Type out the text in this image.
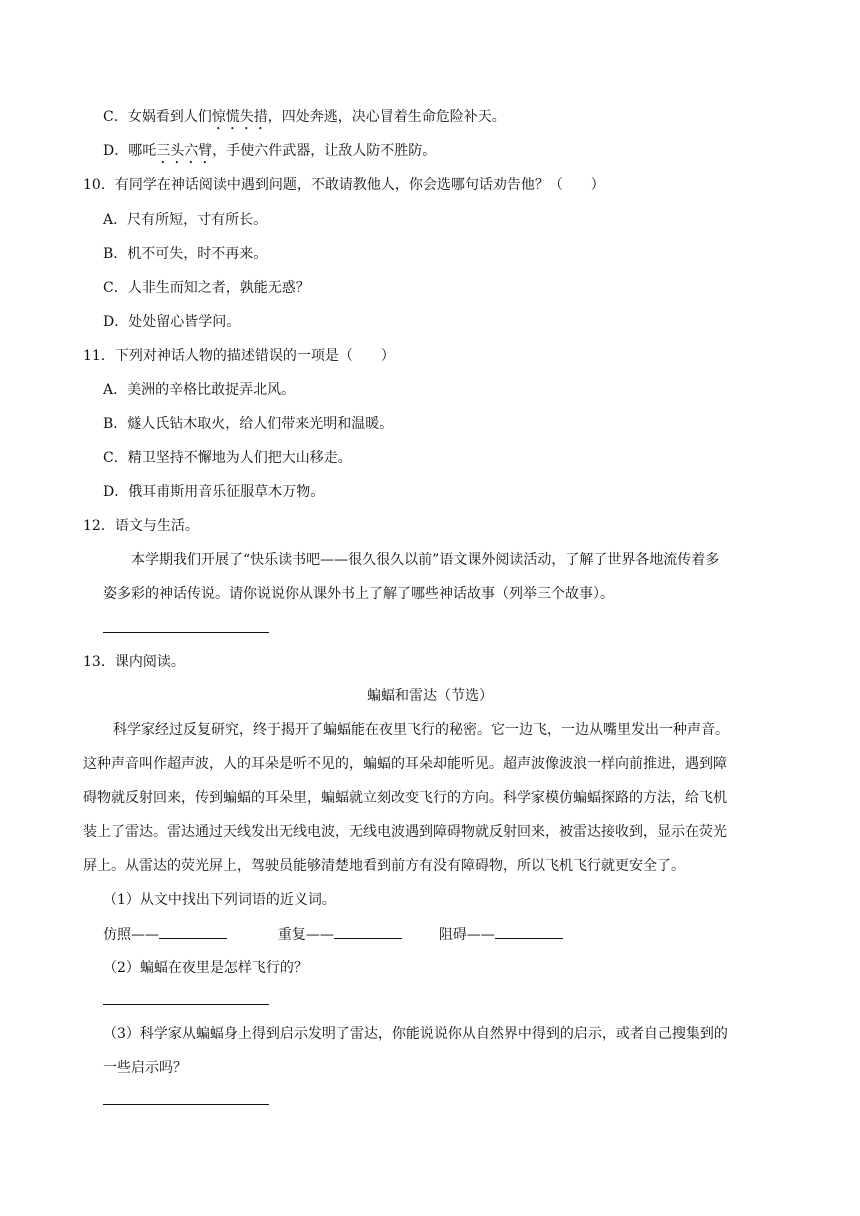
C．女娲看到人们惊慌失措，四处奔逃，决心冒着生命危险补天。
D．哪吒三头六臂，手使六件武器，让敌人防不胜防。
10．有同学在神话阅读中遇到问题，不敢请教他人，你会选哪句话劝告他？（　　）
A．尺有所短，寸有所长。
B．机不可失，时不再来。
C．人非生而知之者，孰能无惑？
D．处处留心皆学问。
11．下列对神话人物的描述错误的一项是（　　）
A．美洲的辛格比敢捉弄北风。
B．燧人氏钻木取火，给人们带来光明和温暖。
C．精卫坚持不懈地为人们把大山移走。
D．俄耳甫斯用音乐征服草木万物。
12．语文与生活。
本学期我们开展了“快乐读书吧——很久很久以前”语文课外阅读活动，了解了世界各地流传着多
姿多彩的神话传说。请你说说你从课外书上了解了哪些神话故事（列举三个故事）。
13．课内阅读。
蝙蝠和雷达（节选）
科学家经过反复研究，终于揭开了蝙蝠能在夜里飞行的秘密。它一边飞，一边从嘴里发出一种声音。
这种声音叫作超声波，人的耳朵是听不见的，蝙蝠的耳朵却能听见。超声波像波浪一样向前推进，遇到障
碍物就反射回来，传到蝙蝠的耳朵里，蝙蝠就立刻改变飞行的方向。科学家模仿蝙蝠探路的方法，给飞机
装上了雷达。雷达通过天线发出无线电波，无线电波遇到障碍物就反射回来，被雷达接收到，显示在荧光
屏上。从雷达的荧光屏上，驾驶员能够清楚地看到前方有没有障碍物，所以飞机飞行就更安全了。
（1）从文中找出下列词语的近义词。
仿照——	重复——	阻碍——
（2）蝙蝠在夜里是怎样飞行的？
（3）科学家从蝙蝠身上得到启示发明了雷达，你能说说你从自然界中得到的启示，或者自己搜集到的
一些启示吗？
